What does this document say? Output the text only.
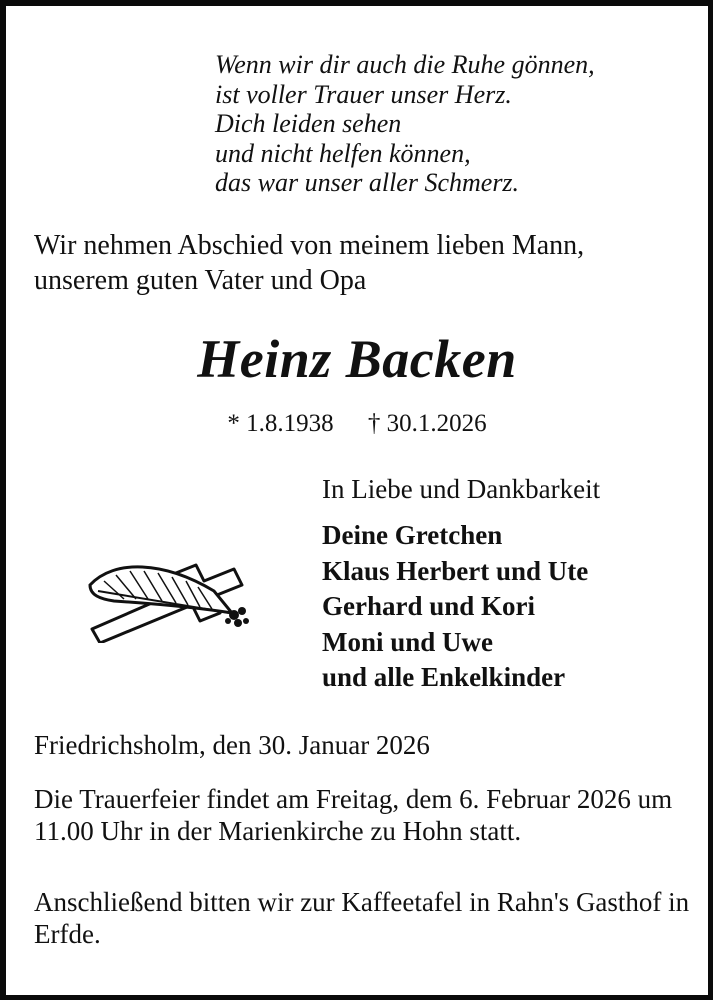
Wenn wir dir auch die Ruhe gönnen,
ist voller Trauer unser Herz.
Dich leiden sehen
und nicht helfen können,
das war unser aller Schmerz.
Wir nehmen Abschied von meinem lieben Mann,
unserem guten Vater und Opa
Heinz Backen
* 1.8.1938 † 30.1.2026
In Liebe und Dankbarkeit
Deine Gretchen
Klaus Herbert und Ute
Gerhard und Kori
Moni und Uwe
und alle Enkelkinder
Friedrichsholm, den 30. Januar 2026
Die Trauerfeier findet am Freitag, dem 6. Februar 2026 um 11.00 Uhr in der Marienkirche zu Hohn statt.
Anschließend bitten wir zur Kaffeetafel in Rahn's Gasthof in Erfde.
